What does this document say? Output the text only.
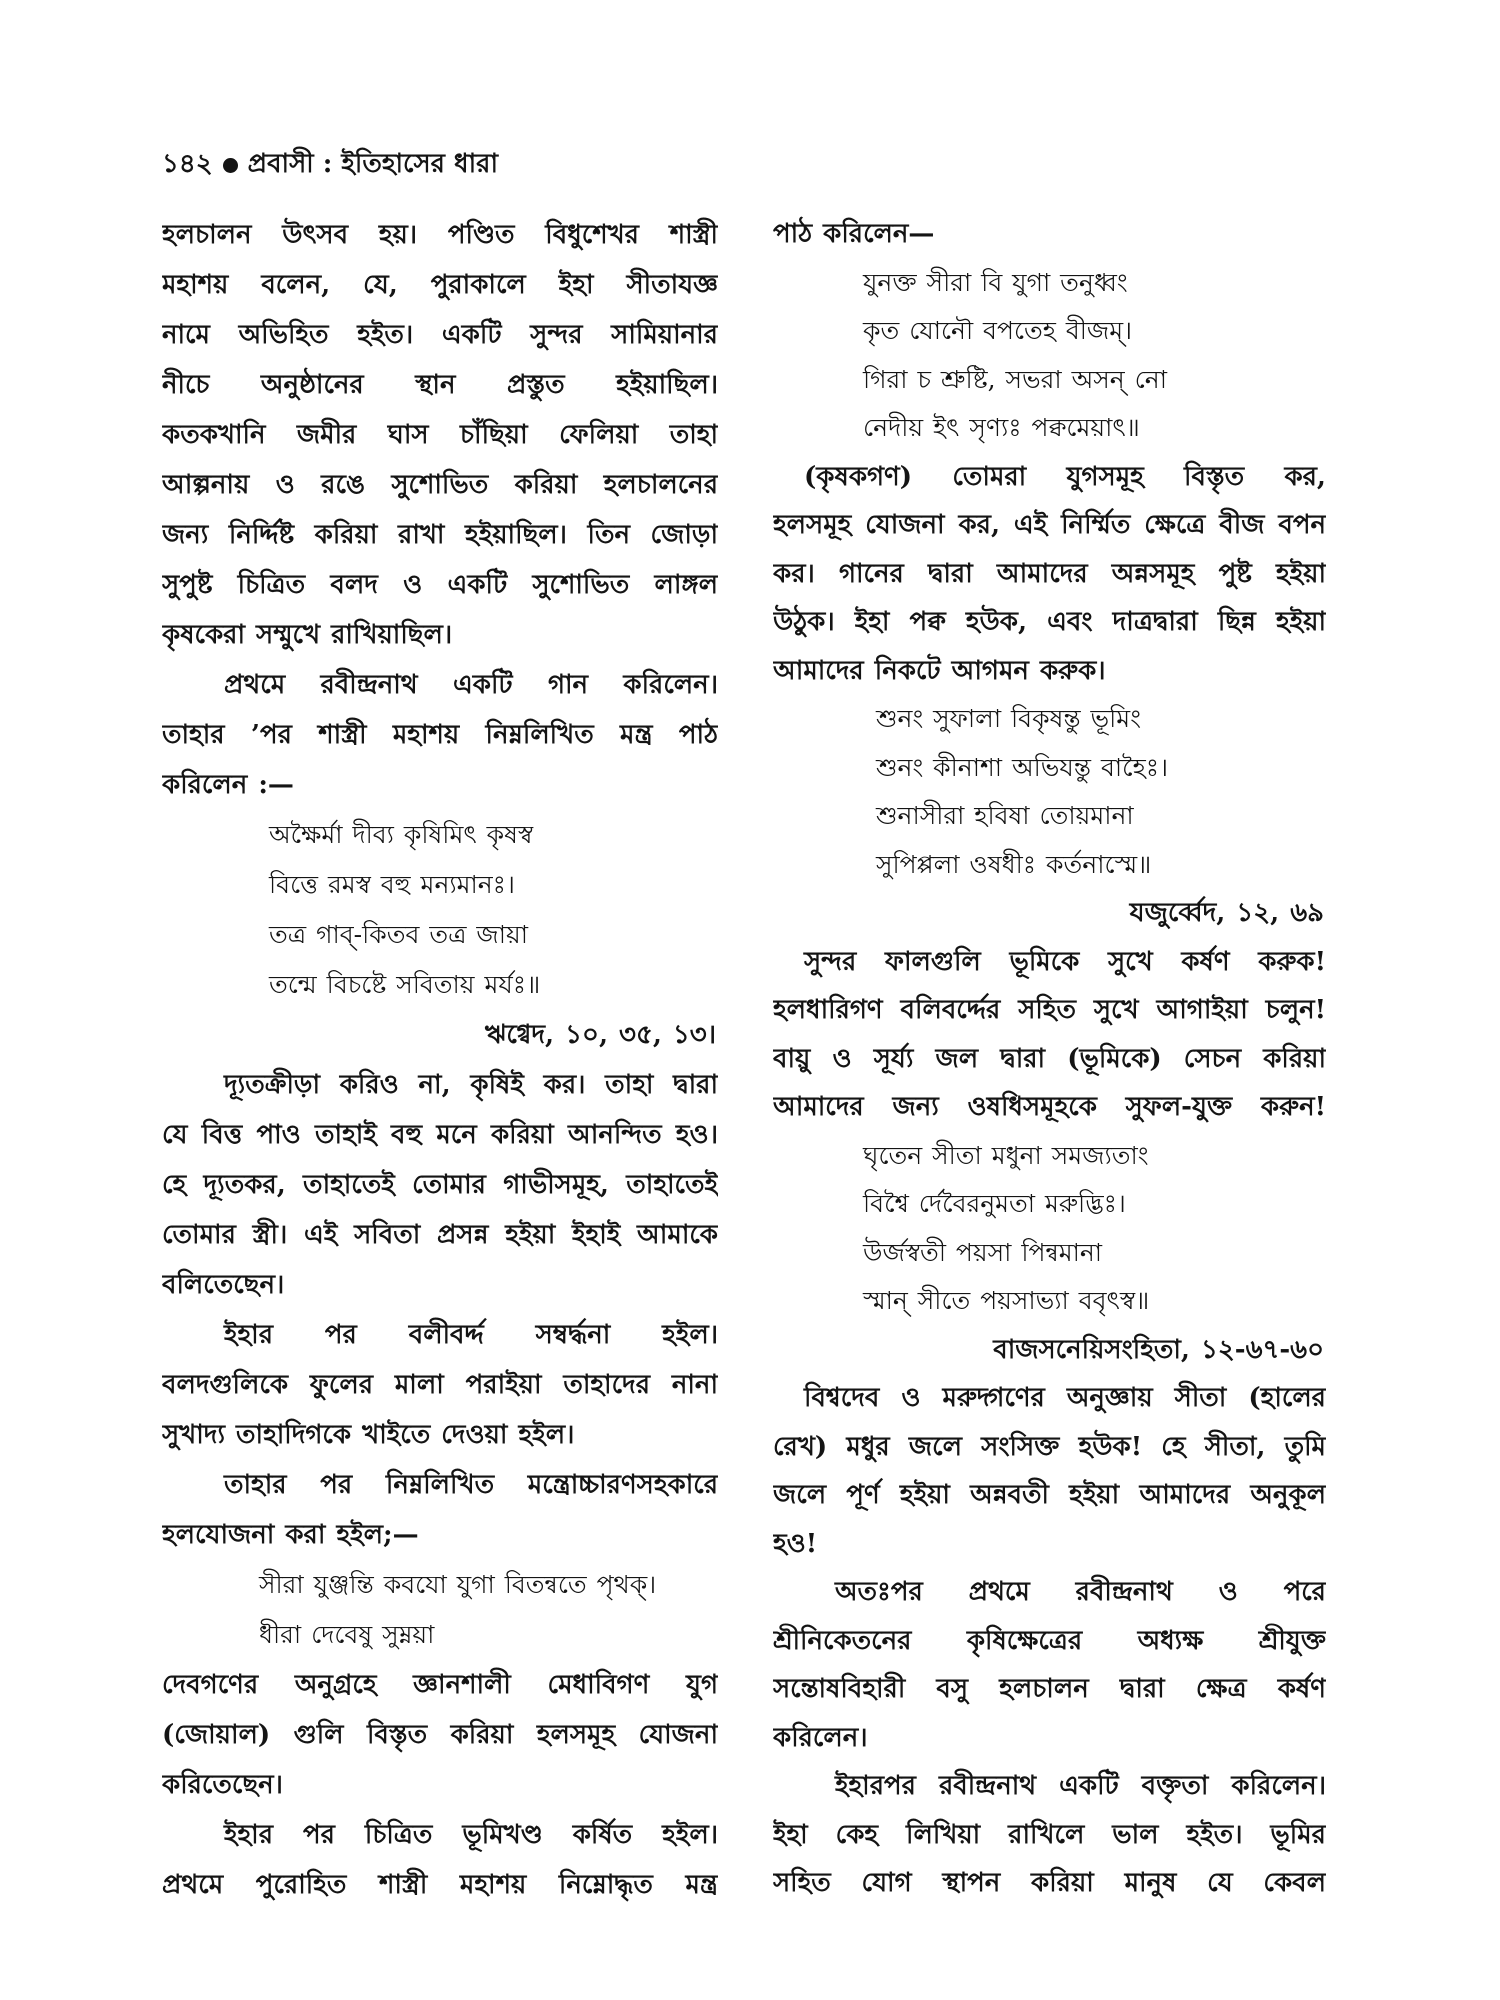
১৪২ প্রবাসী : ইতিহাসের ধারা
হলচালন উৎসব হয়। পণ্ডিত বিধুশেখর শাস্ত্রী
মহাশয় বলেন, যে, পুরাকালে ইহা সীতাযজ্ঞ
নামে অভিহিত হইত। একটি সুন্দর সামিয়ানার
নীচে অনুষ্ঠানের স্থান প্রস্তুত হইয়াছিল।
কতকখানি জমীর ঘাস চাঁছিয়া ফেলিয়া তাহা
আল্পনায় ও রঙে সুশোভিত করিয়া হলচালনের
জন্য নির্দ্দিষ্ট করিয়া রাখা হইয়াছিল। তিন জোড়া
সুপুষ্ট চিত্রিত বলদ ও একটি সুশোভিত লাঙ্গল
কৃষকেরা সম্মুখে রাখিয়াছিল।
প্রথমে রবীন্দ্রনাথ একটি গান করিলেন।
তাহার ’পর শাস্ত্রী মহাশয় নিম্নলিখিত মন্ত্র পাঠ
করিলেন :—
অক্ষৈর্মা দীব্য কৃষিমিৎ কৃষস্ব
বিত্তে রমস্ব বহু মন্যমানঃ।
তত্র গাব্-কিতব তত্র জায়া
তন্মে বিচষ্টে সবিতায় মর্যঃ॥
ঋগ্বেদ, ১০, ৩৫, ১৩।
দ্যূতক্রীড়া করিও না, কৃষিই কর। তাহা দ্বারা
যে বিত্ত পাও তাহাই বহু মনে করিয়া আনন্দিত হও।
হে দ্যূতকর, তাহাতেই তোমার গাভীসমূহ, তাহাতেই
তোমার স্ত্রী। এই সবিতা প্রসন্ন হইয়া ইহাই আমাকে
বলিতেছেন।
ইহার পর বলীবর্দ্দ সম্বর্দ্ধনা হইল।
বলদগুলিকে ফুলের মালা পরাইয়া তাহাদের নানা
সুখাদ্য তাহাদিগকে খাইতে দেওয়া হইল।
তাহার পর নিম্নলিখিত মন্ত্রোচ্চারণসহকারে
হলযোজনা করা হইল;—
সীরা যুঞ্জন্তি কবযো যুগা বিতন্বতে পৃথক্।
ধীরা দেবেষু সুম্নয়া
দেবগণের অনুগ্রহে জ্ঞানশালী মেধাবিগণ যুগ
(জোয়াল) গুলি বিস্তৃত করিয়া হলসমূহ যোজনা
করিতেছেন।
ইহার পর চিত্রিত ভূমিখণ্ড কর্ষিত হইল।
প্রথমে পুরোহিত শাস্ত্রী মহাশয় নিম্নোদ্ধৃত মন্ত্র
পাঠ করিলেন—
যুনক্ত সীরা বি যুগা তনুধ্বং
কৃত যোনৌ বপতেহ বীজম্।
গিরা চ শ্রুষ্টি, সভরা অসন্ নো
নেদীয় ইৎ সৃণ্যঃ পক্বমেয়াৎ॥
(কৃষকগণ) তোমরা যুগসমূহ বিস্তৃত কর,
হলসমূহ যোজনা কর, এই নির্ম্মিত ক্ষেত্রে বীজ বপন
কর। গানের দ্বারা আমাদের অন্নসমূহ পুষ্ট হইয়া
উঠুক। ইহা পক্ব হউক, এবং দাত্রদ্বারা ছিন্ন হইয়া
আমাদের নিকটে আগমন করুক।
শুনং সুফালা বিকৃষন্তু ভূমিং
শুনং কীনাশা অভিযন্তু বাহৈঃ।
শুনাসীরা হবিষা তোয়মানা
সুপিপ্পলা ওষধীঃ কর্তনাস্মে॥
যজুর্ব্বেদ, ১২, ৬৯
সুন্দর ফালগুলি ভূমিকে সুখে কর্ষণ করুক!
হলধারিগণ বলিবর্দ্দের সহিত সুখে আগাইয়া চলুন!
বায়ু ও সূর্য্য জল দ্বারা (ভূমিকে) সেচন করিয়া
আমাদের জন্য ওষধিসমূহকে সুফল-যুক্ত করুন!
ঘৃতেন সীতা মধুনা সমজ্যতাং
বিশ্বৈ র্দেবৈরনুমতা মরুদ্ভিঃ।
উর্জস্বতী পয়সা পিন্বমানা
স্মান্ সীতে পয়সাভ্যা ববৃৎস্ব॥
বাজসনেয়িসংহিতা, ১২-৬৭-৬০
বিশ্বদেব ও মরুদ্গণের অনুজ্ঞায় সীতা (হালের
রেখ) মধুর জলে সংসিক্ত হউক! হে সীতা, তুমি
জলে পূর্ণ হইয়া অন্নবতী হইয়া আমাদের অনুকূল
হও!
অতঃপর প্রথমে রবীন্দ্রনাথ ও পরে
শ্রীনিকেতনের কৃষিক্ষেত্রের অধ্যক্ষ শ্রীযুক্ত
সন্তোষবিহারী বসু হলচালন দ্বারা ক্ষেত্র কর্ষণ
করিলেন।
ইহারপর রবীন্দ্রনাথ একটি বক্তৃতা করিলেন।
ইহা কেহ লিখিয়া রাখিলে ভাল হইত। ভূমির
সহিত যোগ স্থাপন করিয়া মানুষ যে কেবল
